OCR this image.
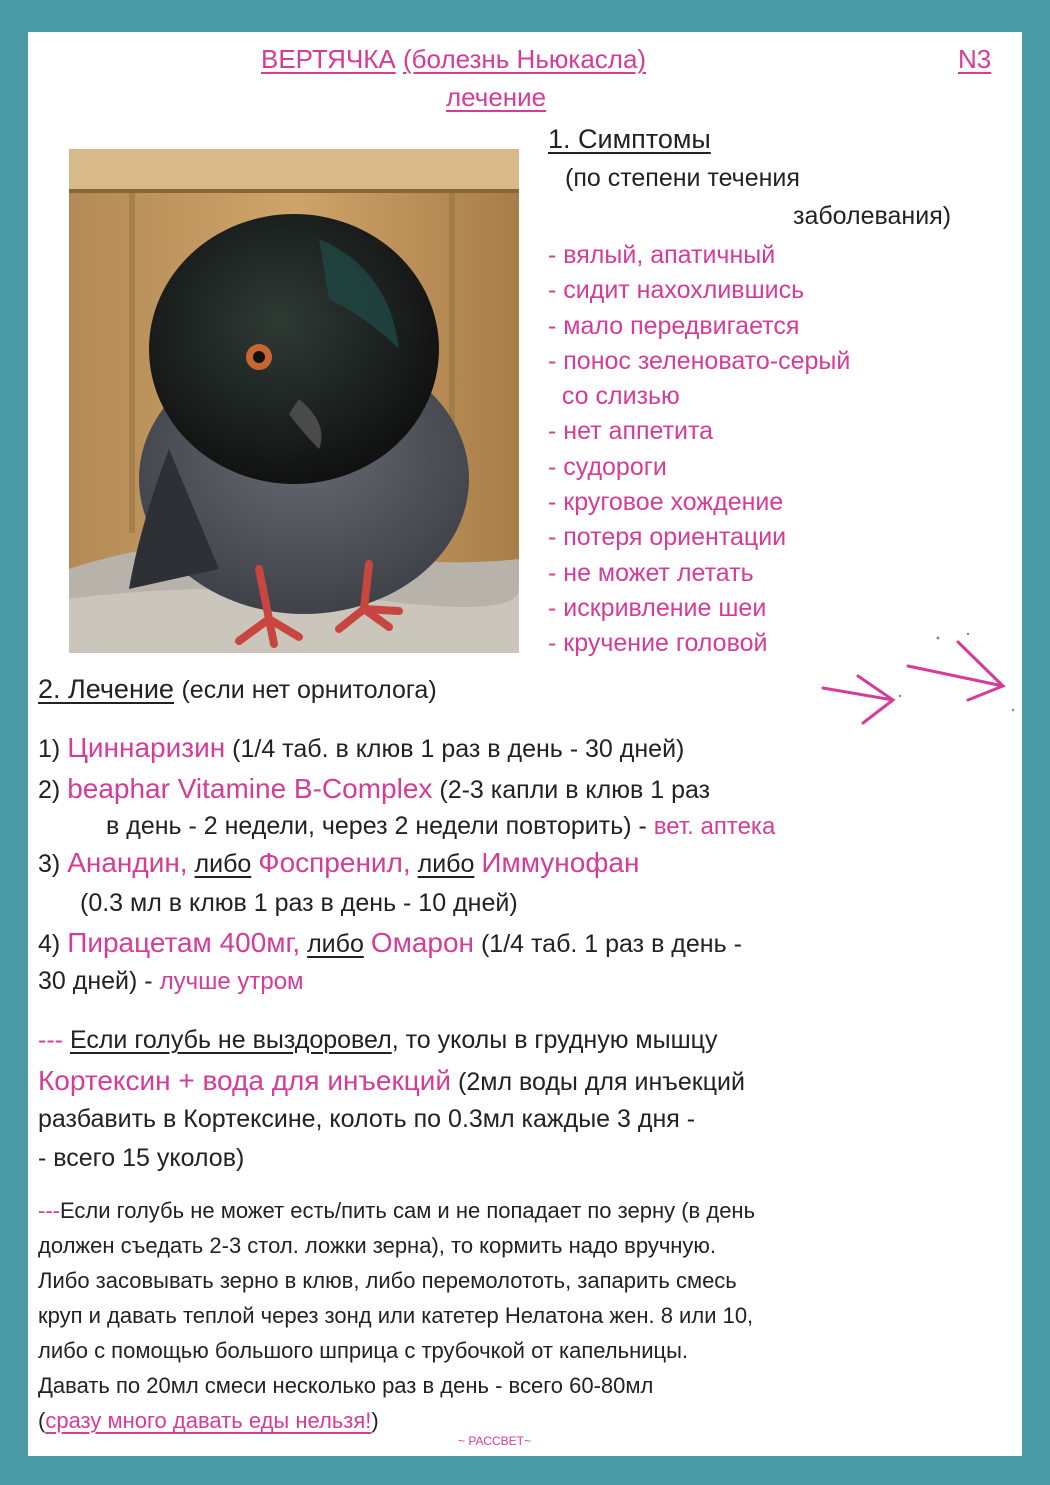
ВЕРТЯЧКА (болезнь Ньюкасла)	N3
лечение
1. Симптомы
(по степени течения
заболевания)
- вялый, апатичный
- сидит нахохлившись
- мало передвигается
- понос зеленовато-серый
со слизью
- нет аппетита
- судороги
- круговое хождение
- потеря ориентации
- не может летать
- искривление шеи
- кручение головой
2. Лечение (если нет орнитолога)
1) Циннаризин (1/4 таб. в клюв 1 раз в день - 30 дней)
2) beaphar Vitamine B-Complex (2-3 капли в клюв 1 раз
в день - 2 недели, через 2 недели повторить) - вет. аптека
3) Анандин, либо Фоспренил, либо Иммунофан
(0.3 мл в клюв 1 раз в день - 10 дней)
4) Пирацетам 400мг, либо Омарон (1/4 таб. 1 раз в день -
30 дней) - лучше утром
--- Если голубь не выздоровел, то уколы в грудную мышцу
Кортексин + вода для инъекций (2мл воды для инъекций
разбавить в Кортексине, колоть по 0.3мл каждые 3 дня -
- всего 15 уколов)
---Если голубь не может есть/пить сам и не попадает по зерну (в день
должен съедать 2-3 стол. ложки зерна), то кормить надо вручную.
Либо засовывать зерно в клюв, либо перемолототь, запарить смесь
круп и давать теплой через зонд или катетер Нелатона жен. 8 или 10,
либо с помощью большого шприца с трубочкой от капельницы.
Давать по 20мл смеси несколько раз в день - всего 60-80мл
(сразу много давать еды нельзя!)
~ РАССВЕТ~
